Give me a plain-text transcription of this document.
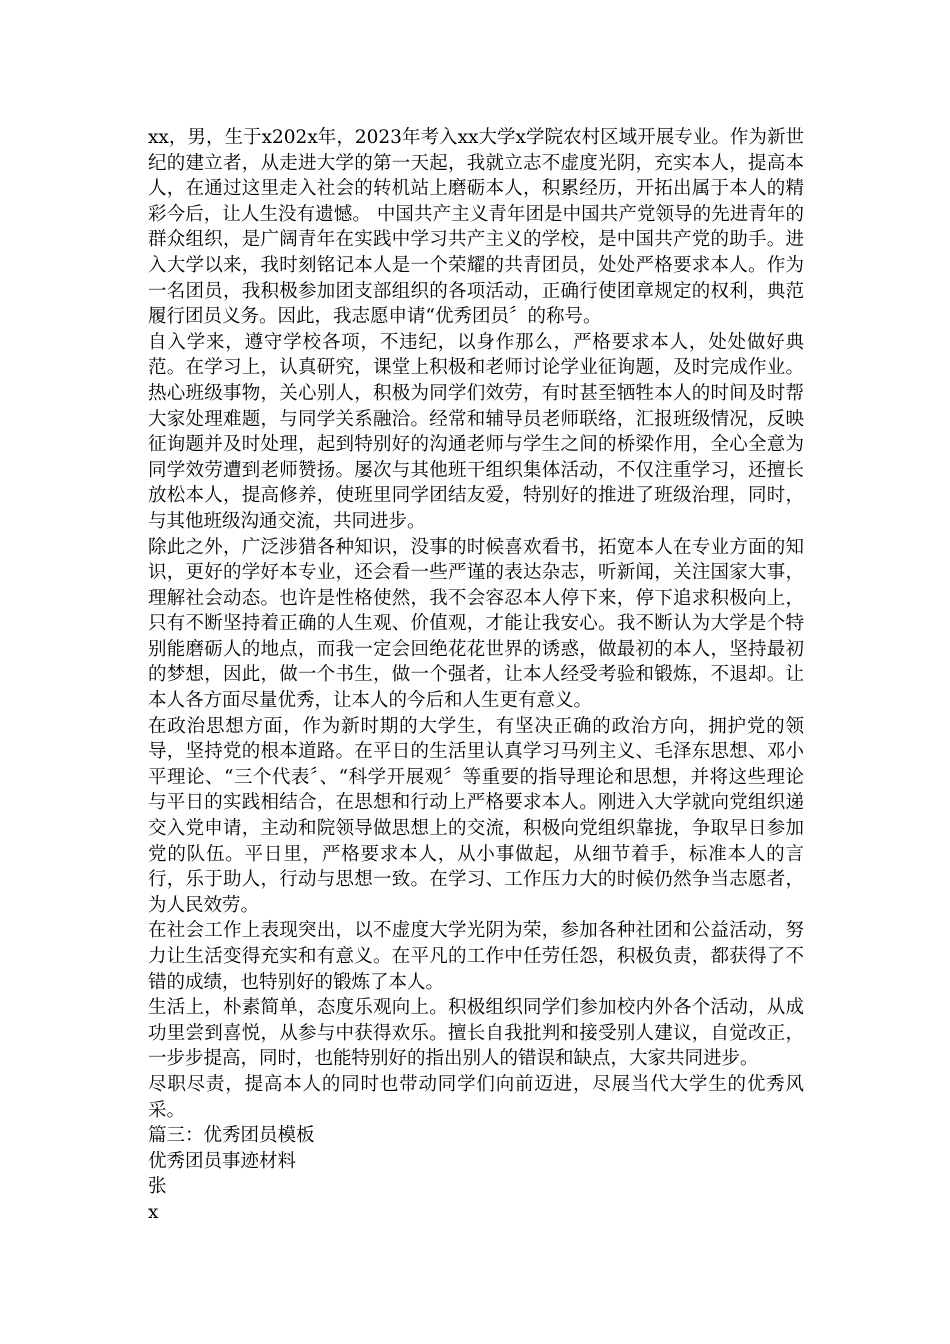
xx，男，生于x202x年，2023年考入xx大学x学院农村区域开展专业。作为新世纪的建立者，从走进大学的第一天起，我就立志不虚度光阴，充实本人，提高本人，在通过这里走入社会的转机站上磨砺本人，积累经历，开拓出属于本人的精彩今后，让人生没有遗憾。 中国共产主义青年团是中国共产党领导的先进青年的群众组织，是广阔青年在实践中学习共产主义的学校，是中国共产党的助手。进入大学以来，我时刻铭记本人是一个荣耀的共青团员，处处严格要求本人。作为一名团员，我积极参加团支部组织的各项活动，正确行使团章规定的权利，典范履行团员义务。因此，我志愿申请“优秀团员〞的称号。

自入学来，遵守学校各项，不违纪，以身作那么，严格要求本人，处处做好典范。在学习上，认真研究，课堂上积极和老师讨论学业征询题，及时完成作业。热心班级事物，关心别人，积极为同学们效劳，有时甚至牺牲本人的时间及时帮大家处理难题，与同学关系融洽。经常和辅导员老师联络，汇报班级情况，反映征询题并及时处理，起到特别好的沟通老师与学生之间的桥梁作用，全心全意为同学效劳遭到老师赞扬。屡次与其他班干组织集体活动，不仅注重学习，还擅长放松本人，提高修养，使班里同学团结友爱，特别好的推进了班级治理，同时，与其他班级沟通交流，共同进步。

除此之外，广泛涉猎各种知识，没事的时候喜欢看书，拓宽本人在专业方面的知识，更好的学好本专业，还会看一些严谨的表达杂志，听新闻，关注国家大事，理解社会动态。也许是性格使然，我不会容忍本人停下来，停下追求积极向上，只有不断坚持着正确的人生观、价值观，才能让我安心。我不断认为大学是个特别能磨砺人的地点，而我一定会回绝花花世界的诱惑，做最初的本人，坚持最初的梦想，因此，做一个书生，做一个强者，让本人经受考验和锻炼，不退却。让本人各方面尽量优秀，让本人的今后和人生更有意义。

在政治思想方面，作为新时期的大学生，有坚决正确的政治方向，拥护党的领导，坚持党的根本道路。在平日的生活里认真学习马列主义、毛泽东思想、邓小平理论、“三个代表〞、“科学开展观〞等重要的指导理论和思想，并将这些理论与平日的实践相结合，在思想和行动上严格要求本人。刚进入大学就向党组织递交入党申请，主动和院领导做思想上的交流，积极向党组织靠拢，争取早日参加党的队伍。平日里，严格要求本人，从小事做起，从细节着手，标准本人的言行，乐于助人，行动与思想一致。在学习、工作压力大的时候仍然争当志愿者，为人民效劳。

在社会工作上表现突出，以不虚度大学光阴为荣，参加各种社团和公益活动，努力让生活变得充实和有意义。在平凡的工作中任劳任怨，积极负责，都获得了不错的成绩，也特别好的锻炼了本人。

生活上，朴素简单，态度乐观向上。积极组织同学们参加校内外各个活动，从成功里尝到喜悦，从参与中获得欢乐。擅长自我批判和接受别人建议，自觉改正，一步步提高，同时，也能特别好的指出别人的错误和缺点，大家共同进步。

尽职尽责，提高本人的同时也带动同学们向前迈进，尽展当代大学生的优秀风采。

篇三：优秀团员模板

优秀团员事迹材料

张

x
